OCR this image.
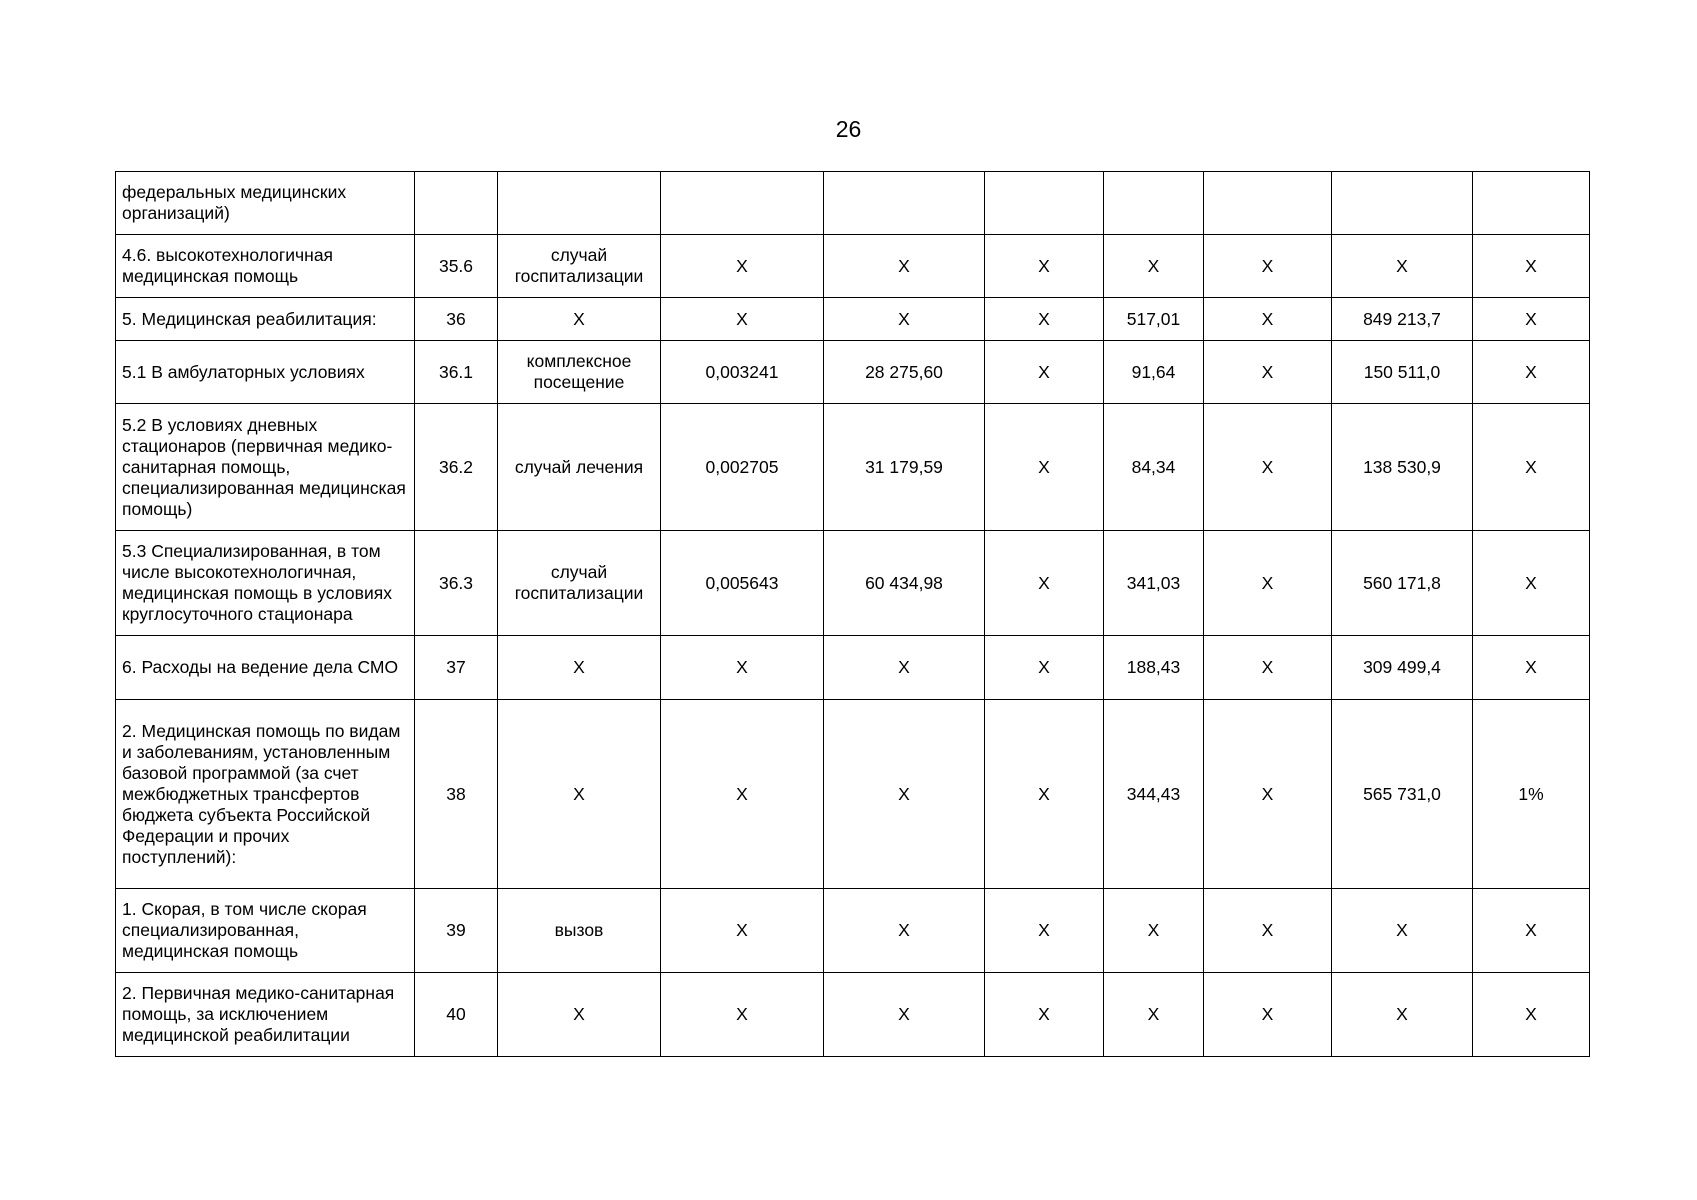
26
федеральных медицинских организаций)									
4.6. высокотехнологичная медицинская помощь	35.6	случай госпитализации	X	X	X	X	X	X	X
5. Медицинская реабилитация:	36	X	X	X	X	517,01	X	849 213,7	X
5.1 В амбулаторных условиях	36.1	комплексное посещение	0,003241	28 275,60	X	91,64	X	150 511,0	X
5.2 В условиях дневных стационаров (первичная медико-санитарная помощь, специализированная медицинская помощь)	36.2	случай лечения	0,002705	31 179,59	X	84,34	X	138 530,9	X
5.3 Специализированная, в том числе высокотехнологичная, медицинская помощь в условиях круглосуточного стационара	36.3	случай госпитализации	0,005643	60 434,98	X	341,03	X	560 171,8	X
6. Расходы на ведение дела СМО	37	X	X	X	X	188,43	X	309 499,4	X
2. Медицинская помощь по видам и заболеваниям, установленным базовой программой (за счет межбюджетных трансфертов бюджета субъекта Российской Федерации и прочих поступлений):	38	X	X	X	X	344,43	X	565 731,0	1%
1. Скорая, в том числе скорая специализированная, медицинская помощь	39	вызов	X	X	X	X	X	X	X
2. Первичная медико-санитарная помощь, за исключением медицинской реабилитации	40	X	X	X	X	X	X	X	X
